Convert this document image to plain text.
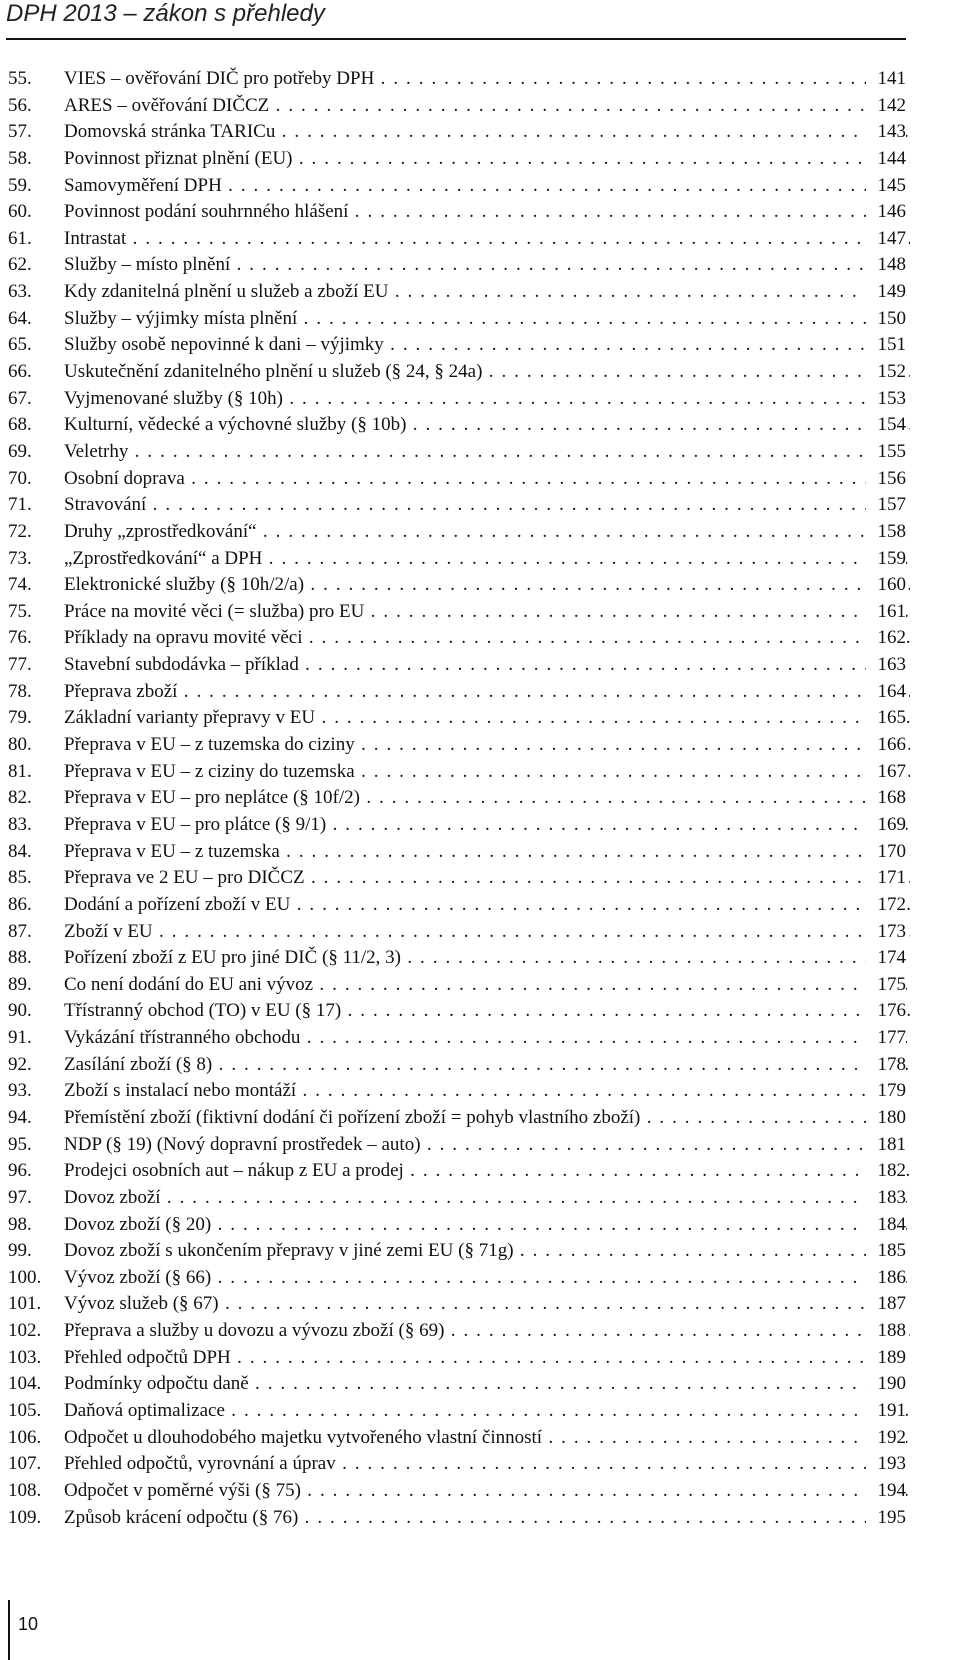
DPH 2013 – zákon s přehledy
55.	VIES – ověřování DIČ pro potřeby DPH . . .	141
56.	ARES – ověřování DIČCZ . . .	142
57.	Domovská stránka TARICu . . .	143
58.	Povinnost přiznat plnění (EU) . . .	144
59.	Samovyměření DPH . . .	145
60.	Povinnost podání souhrnného hlášení . . .	146
61.	Intrastat . . .	147
62.	Služby – místo plnění . . .	148
63.	Kdy zdanitelná plnění u služeb a zboží EU . . .	149
64.	Služby – výjimky místa plnění . . .	150
65.	Služby osobě nepovinné k dani – výjimky . . .	151
66.	Uskutečnění zdanitelného plnění u služeb (§ 24, § 24a) . . .	152
67.	Vyjmenované služby (§ 10h) . . .	153
68.	Kulturní, vědecké a výchovné služby (§ 10b) . . .	154
69.	Veletrhy . . .	155
70.	Osobní doprava . . .	156
71.	Stravování . . .	157
72.	Druhy „zprostředkování“ . . .	158
73.	„Zprostředkování“ a DPH . . .	159
74.	Elektronické služby (§ 10h/2/a) . . .	160
75.	Práce na movité věci (= služba) pro EU . . .	161
76.	Příklady na opravu movité věci . . .	162
77.	Stavební subdodávka – příklad . . .	163
78.	Přeprava zboží . . .	164
79.	Základní varianty přepravy v EU . . .	165
80.	Přeprava v EU – z tuzemska do ciziny . . .	166
81.	Přeprava v EU – z ciziny do tuzemska . . .	167
82.	Přeprava v EU – pro neplátce (§ 10f/2) . . .	168
83.	Přeprava v EU – pro plátce (§ 9/1) . . .	169
84.	Přeprava v EU – z tuzemska . . .	170
85.	Přeprava ve 2 EU – pro DIČCZ . . .	171
86.	Dodání a pořízení zboží v EU . . .	172
87.	Zboží v EU . . .	173
88.	Pořízení zboží z EU pro jiné DIČ (§ 11/2, 3) . . .	174
89.	Co není dodání do EU ani vývoz . . .	175
90.	Třístranný obchod (TO) v EU (§ 17) . . .	176
91.	Vykázání třístranného obchodu . . .	177
92.	Zasílání zboží (§ 8) . . .	178
93.	Zboží s instalací nebo montáží . . .	179
94.	Přemístění zboží (fiktivní dodání či pořízení zboží = pohyb vlastního zboží) . . .	180
95.	NDP (§ 19) (Nový dopravní prostředek – auto) . . .	181
96.	Prodejci osobních aut – nákup z EU a prodej . . .	182
97.	Dovoz zboží . . .	183
98.	Dovoz zboží (§ 20) . . .	184
99.	Dovoz zboží s ukončením přepravy v jiné zemi EU (§ 71g) . . .	185
100.	Vývoz zboží (§ 66) . . .	186
101.	Vývoz služeb (§ 67) . . .	187
102.	Přeprava a služby u dovozu a vývozu zboží (§ 69) . . .	188
103.	Přehled odpočtů DPH . . .	189
104.	Podmínky odpočtu daně . . .	190
105.	Daňová optimalizace . . .	191
106.	Odpočet u dlouhodobého majetku vytvořeného vlastní činností . . .	192
107.	Přehled odpočtů, vyrovnání a úprav . . .	193
108.	Odpočet v poměrné výši (§ 75) . . .	194
109.	Způsob krácení odpočtu (§ 76) . . .	195
10
